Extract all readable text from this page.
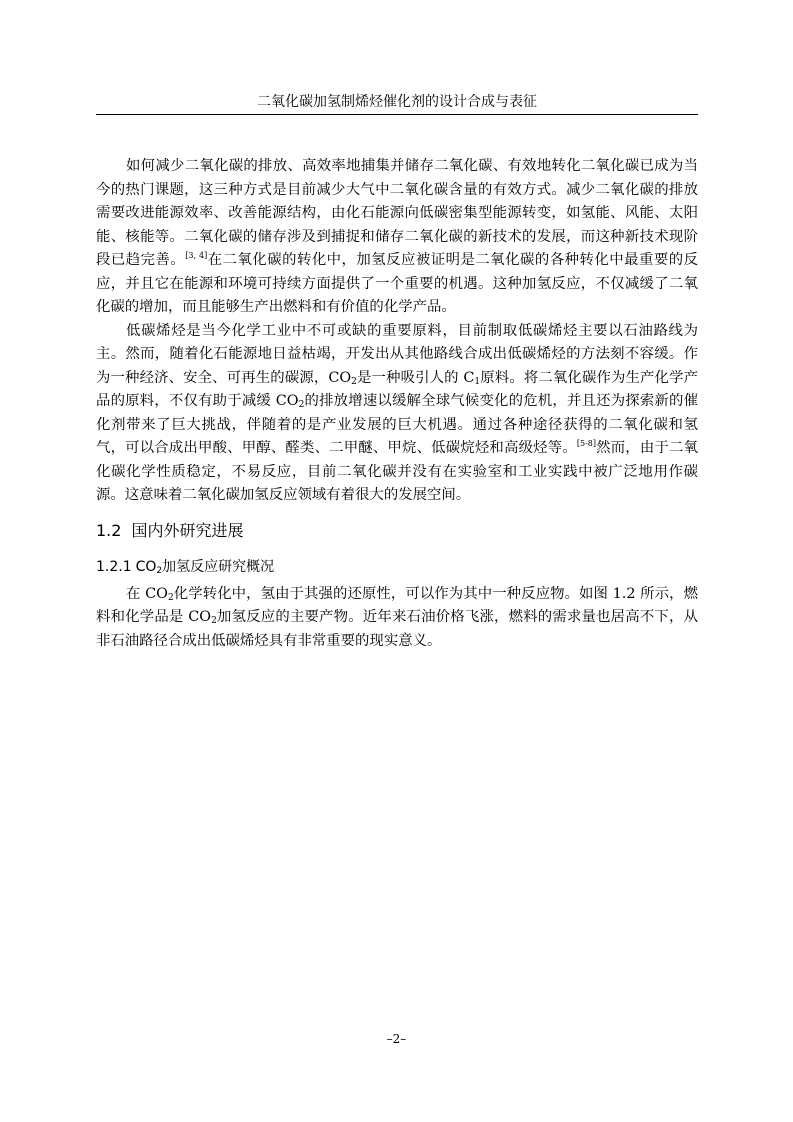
二氧化碳加氢制烯烃催化剂的设计合成与表征

如何减少二氧化碳的排放、高效率地捕集并储存二氧化碳、有效地转化二氧化碳已成为当今的热门课题，这三种方式是目前减少大气中二氧化碳含量的有效方式。减少二氧化碳的排放需要改进能源效率、改善能源结构，由化石能源向低碳密集型能源转变，如氢能、风能、太阳能、核能等。二氧化碳的储存涉及到捕捉和储存二氧化碳的新技术的发展，而这种新技术现阶段已趋完善。[3, 4]在二氧化碳的转化中，加氢反应被证明是二氧化碳的各种转化中最重要的反应，并且它在能源和环境可持续方面提供了一个重要的机遇。这种加氢反应，不仅减缓了二氧化碳的增加，而且能够生产出燃料和有价值的化学产品。

低碳烯烃是当今化学工业中不可或缺的重要原料，目前制取低碳烯烃主要以石油路线为主。然而，随着化石能源地日益枯竭，开发出从其他路线合成出低碳烯烃的方法刻不容缓。作为一种经济、安全、可再生的碳源，$CO_2$是一种吸引人的 $C_1$原料。将二氧化碳作为生产化学产品的原料，不仅有助于减缓 $CO_2$的排放增速以缓解全球气候变化的危机，并且还为探索新的催化剂带来了巨大挑战，伴随着的是产业发展的巨大机遇。通过各种途径获得的二氧化碳和氢气，可以合成出甲酸、甲醇、醛类、二甲醚、甲烷、低碳烷烃和高级烃等。[5-8]然而，由于二氧化碳化学性质稳定，不易反应，目前二氧化碳并没有在实验室和工业实践中被广泛地用作碳源。这意味着二氧化碳加氢反应领域有着很大的发展空间。

1.2 国内外研究进展
1.2.1 $CO_2$加氢反应研究概况

在 $CO_2$化学转化中，氢由于其强的还原性，可以作为其中一种反应物。如图 1.2 所示，燃料和化学品是 $CO_2$加氢反应的主要产物。近年来石油价格飞涨，燃料的需求量也居高不下，从非石油路径合成出低碳烯烃具有非常重要的现实意义。

–2–
